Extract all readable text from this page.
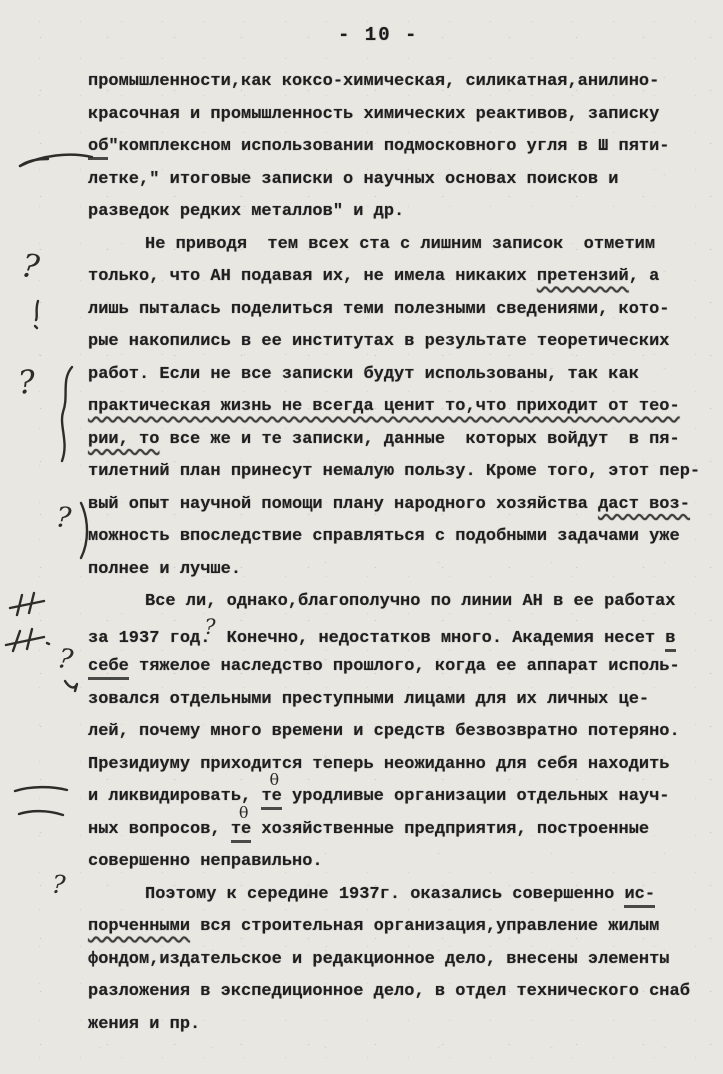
- 10 -
промышленности,как коксо-химическая, силикатная,анилино-
красочная и промышленность химических реактивов, записку
об"комплексном использовании подмосковного угля в Ш пяти-
летке," итоговые записки о научных основах поисков и
разведок редких металлов" и др.
Не приводя  тем всех ста с лишним записок  отметим
только, что АН подавая их, не имела никаких претензий, а
лишь пыталась поделиться теми полезными сведениями, кото-
рые накопились в ее институтах в результате теоретических
работ. Если не все записки будут использованы, так как
практическая жизнь не всегда ценит то,что приходит от тео-
рии, то все же и те записки, данные  которых войдут  в пя-
тилетний план принесут немалую пользу. Кроме того, этот пер-
вый опыт научной помощи плану народного хозяйства даст воз-
можность впоследствие справляться с подобными задачами уже
полнее и лучше.
Все ли, однако,благополучно по линии АН в ее работах
за 1937 год.? Конечно, недостатков много. Академия несет в
себе тяжелое наследство прошлого, когда ее аппарат исполь-
зовался отдельными преступными лицами для их личных це-
лей, почему много времени и средств безвозвратно потеряно.
Президиуму приходится теперь неожиданно для себя находить
и ликвидировать, те
θ
уродливые организации отдельных науч-
ных вопросов, те
θ
хозяйственные предприятия, построенные
совершенно неправильно.
Поэтому к середине 1937г. оказались совершенно ис-
порченными вся строительная организация,управление жилым
фондом,издательское и редакционное дело, внесены элементы
разложения в экспедиционное дело, в отдел технического снаб
жения и пр.
?
?
?
?
?
